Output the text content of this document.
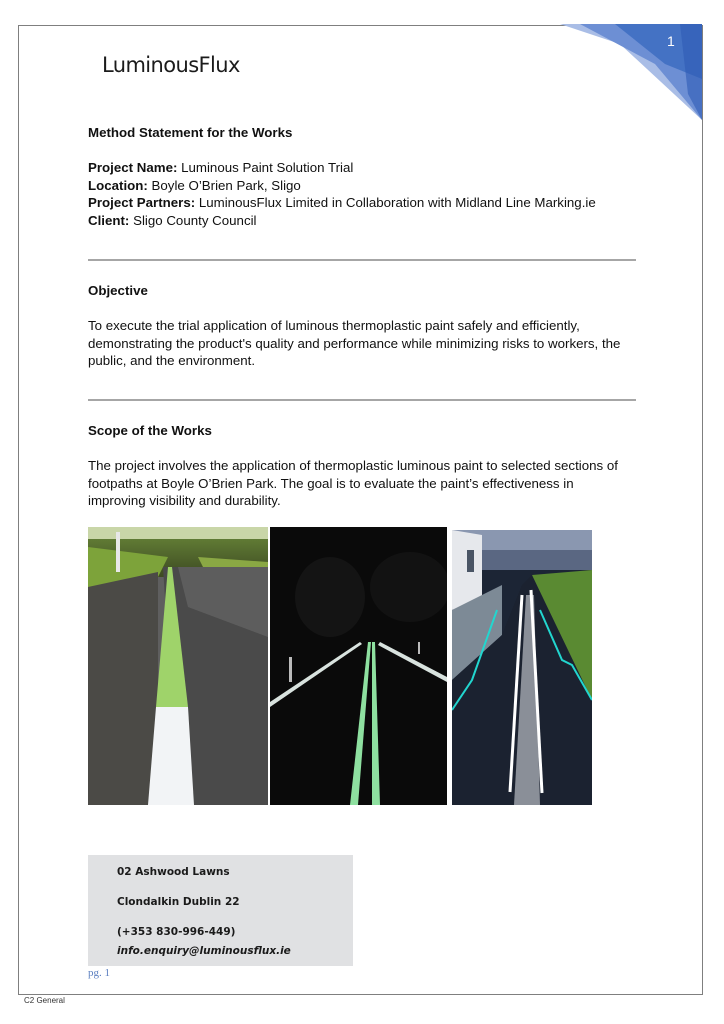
1
LuminousFlux
Method Statement for the Works
Project Name: Luminous Paint Solution Trial
Location: Boyle O’Brien Park, Sligo
Project Partners: LuminousFlux Limited in Collaboration with Midland Line Marking.ie
Client: Sligo County Council
Objective
To execute the trial application of luminous thermoplastic paint safely and efficiently,
demonstrating the product's quality and performance while minimizing risks to workers, the
public, and the environment.
Scope of the Works
The project involves the application of thermoplastic luminous paint to selected sections of
footpaths at Boyle O’Brien Park. The goal is to evaluate the paint’s effectiveness in
improving visibility and durability.
02 Ashwood Lawns
Clondalkin Dublin 22
(+353 830-996-449)
info.enquiry@luminousflux.ie
pg. 1
C2 General
